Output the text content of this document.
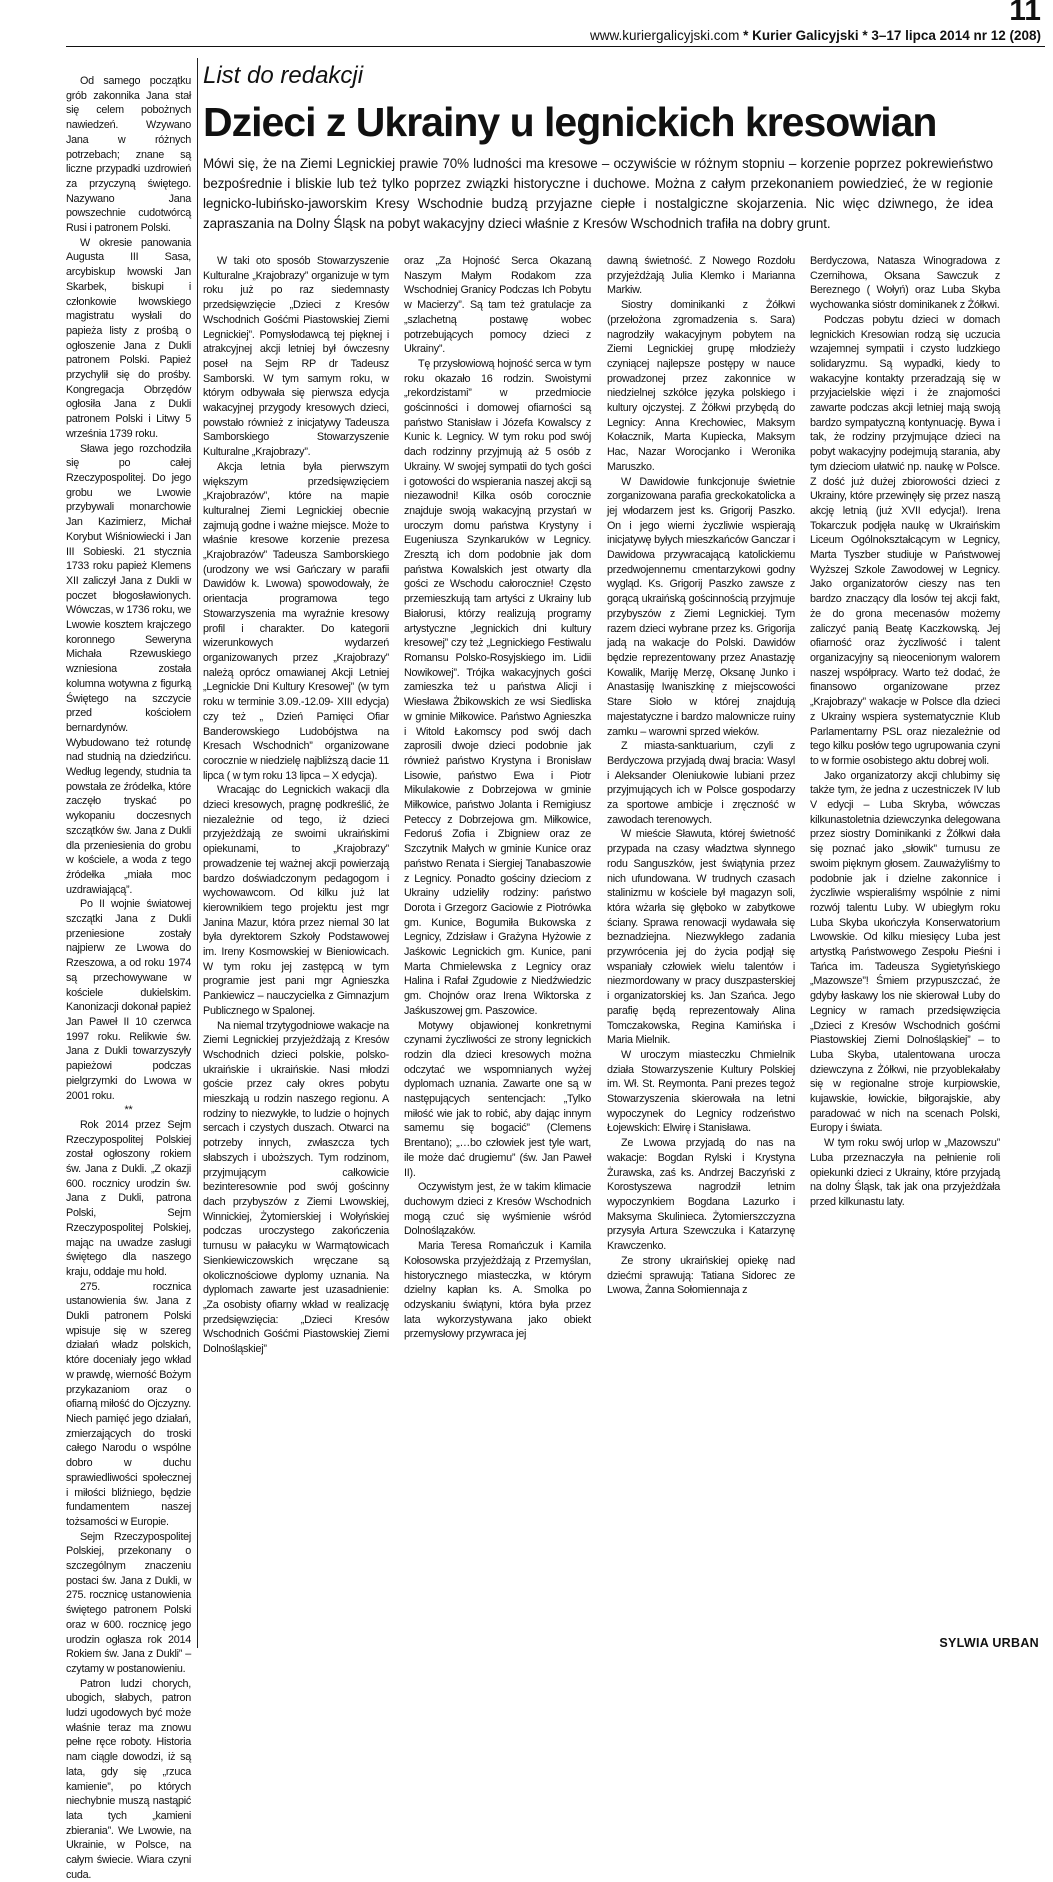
11
www.kuriergalicyjski.com * Kurier Galicyjski * 3–17 lipca 2014 nr 12 (208)

Od samego początku grób zakonnika Jana stał się celem pobożnych nawiedzeń. Wzywano Jana w różnych potrzebach; znane są liczne przypadki uzdrowień za przyczyną świętego. Nazywano Jana powszechnie cudotwórcą Rusi i patronem Polski.

W okresie panowania Augusta III Sasa, arcybiskup lwowski Jan Skarbek, biskupi i członkowie lwowskiego magistratu wysłali do papieża listy z prośbą o ogłoszenie Jana z Dukli patronem Polski. Papież przychylił się do prośby. Kongregacja Obrzędów ogłosiła Jana z Dukli patronem Polski i Litwy 5 września 1739 roku.

Sława jego rozchodziła się po całej Rzeczypospolitej. Do jego grobu we Lwowie przybywali monarchowie Jan Kazimierz, Michał Korybut Wiśniowiecki i Jan III Sobieski. 21 stycznia 1733 roku papież Klemens XII zaliczył Jana z Dukli w poczet błogosławionych. Wówczas, w 1736 roku, we Lwowie kosztem krajczego koronnego Seweryna Michała Rzewuskiego wzniesiona została kolumna wotywna z figurką Świętego na szczycie przed kościołem bernardynów. Wybudowano też rotundę nad studnią na dziedzińcu. Według legendy, studnia ta powstała ze źródełka, które zaczęło tryskać po wykopaniu doczesnych szczątków św. Jana z Dukli dla przeniesienia do grobu w kościele, a woda z tego źródełka „miała moc uzdrawiającą”.

Po II wojnie światowej szczątki Jana z Dukli przeniesione zostały najpierw ze Lwowa do Rzeszowa, a od roku 1974 są przechowywane w kościele dukielskim. Kanonizacji dokonał papież Jan Paweł II 10 czerwca 1997 roku. Relikwie św. Jana z Dukli towarzyszyły papieżowi podczas pielgrzymki do Lwowa w 2001 roku.

**

Rok 2014 przez Sejm Rzeczypospolitej Polskiej został ogłoszony rokiem św. Jana z Dukli. „Z okazji 600. rocznicy urodzin św. Jana z Dukli, patrona Polski, Sejm Rzeczypospolitej Polskiej, mając na uwadze zasługi świętego dla naszego kraju, oddaje mu hołd.

275. rocznica ustanowienia św. Jana z Dukli patronem Polski wpisuje się w szereg działań władz polskich, które doceniały jego wkład w prawdę, wierność Bożym przykazaniom oraz o ofiarną miłość do Ojczyzny. Niech pamięć jego działań, zmierzających do troski całego Narodu o wspólne dobro w duchu sprawiedliwości społecznej i miłości bliźniego, będzie fundamentem naszej tożsamości w Europie.

Sejm Rzeczypospolitej Polskiej, przekonany o szczególnym znaczeniu postaci św. Jana z Dukli, w 275. rocznicę ustanowienia świętego patronem Polski oraz w 600. rocznicę jego urodzin ogłasza rok 2014 Rokiem św. Jana z Dukli” – czytamy w postanowieniu.

Patron ludzi chorych, ubogich, słabych, patron ludzi ugodowych być może właśnie teraz ma znowu pełne ręce roboty. Historia nam ciągle dowodzi, iż są lata, gdy się „rzuca kamienie”, po których niechybnie muszą nastąpić lata tych „kamieni zbierania”. We Lwowie, na Ukrainie, w Polsce, na całym świecie. Wiara czyni cuda.

List do redakcji
Dzieci z Ukrainy u legnickich kresowian
Mówi się, że na Ziemi Legnickiej prawie 70% ludności ma kresowe – oczywiście w różnym stopniu – korzenie poprzez pokrewieństwo bezpośrednie i bliskie lub też tylko poprzez związki historyczne i duchowe. Można z całym przekonaniem powiedzieć, że w regionie legnicko-lubińsko-jaworskim Kresy Wschodnie budzą przyjazne ciepłe i nostalgiczne skojarzenia. Nic więc dziwnego, że idea zapraszania na Dolny Śląsk na pobyt wakacyjny dzieci właśnie z Kresów Wschodnich trafiła na dobry grunt.

W taki oto sposób Stowarzyszenie Kulturalne „Krajobrazy” organizuje w tym roku już po raz siedemnasty przedsięwzięcie „Dzieci z Kresów Wschodnich Gośćmi Piastowskiej Ziemi Legnickiej”. Pomysłodawcą tej pięknej i atrakcyjnej akcji letniej był ówczesny poseł na Sejm RP dr Tadeusz Samborski. W tym samym roku, w którym odbywała się pierwsza edycja wakacyjnej przygody kresowych dzieci, powstało również z inicjatywy Tadeusza Samborskiego Stowarzyszenie Kulturalne „Krajobrazy”.

Akcja letnia była pierwszym większym przedsięwzięciem „Krajobrazów”, które na mapie kulturalnej Ziemi Legnickiej obecnie zajmują godne i ważne miejsce. Może to właśnie kresowe korzenie prezesa „Krajobrazów” Tadeusza Samborskiego (urodzony we wsi Gańczary w parafii Dawidów k. Lwowa) spowodowały, że orientacja programowa tego Stowarzyszenia ma wyraźnie kresowy profil i charakter. Do kategorii wizerunkowych wydarzeń organizowanych przez „Krajobrazy” należą oprócz omawianej Akcji Letniej „Legnickie Dni Kultury Kresowej” (w tym roku w terminie 3.09.-12.09- XIII edycja) czy też „ Dzień Pamięci Ofiar Banderowskiego Ludobójstwa na Kresach Wschodnich” organizowane corocznie w niedzielę najbliższą dacie 11 lipca ( w tym roku 13 lipca – X edycja).

Wracając do Legnickich wakacji dla dzieci kresowych, pragnę podkreślić, że niezależnie od tego, iż dzieci przyjeżdżają ze swoimi ukraińskimi opiekunami, to „Krajobrazy” prowadzenie tej ważnej akcji powierzają bardzo doświadczonym pedagogom i wychowawcom. Od kilku już lat kierownikiem tego projektu jest mgr Janina Mazur, która przez niemal 30 lat była dyrektorem Szkoły Podstawowej im. Ireny Kosmowskiej w Bieniowicach. W tym roku jej zastępcą w tym programie jest pani mgr Agnieszka Pankiewicz – nauczycielka z Gimnazjum Publicznego w Spalonej.

Na niemal trzytygodniowe wakacje na Ziemi Legnickiej przyjeżdżają z Kresów Wschodnich dzieci polskie, polsko-ukraińskie i ukraińskie. Nasi młodzi goście przez cały okres pobytu mieszkają u rodzin naszego regionu. A rodziny to niezwykłe, to ludzie o hojnych sercach i czystych duszach. Otwarci na potrzeby innych, zwłaszcza tych słabszych i uboższych. Tym rodzinom, przyjmującym całkowicie bezinteresownie pod swój gościnny dach przybyszów z Ziemi Lwowskiej, Winnickiej, Żytomierskiej i Wołyńskiej podczas uroczystego zakończenia turnusu w pałacyku w Warmątowicach Sienkiewiczowskich wręczane są okolicznościowe dyplomy uznania. Na dyplomach zawarte jest uzasadnienie: „Za osobisty ofiarny wkład w realizację przedsięwzięcia: „Dzieci Kresów Wschodnich Gośćmi Piastowskiej Ziemi Dolnośląskiej”

oraz „Za Hojność Serca Okazaną Naszym Małym Rodakom zza Wschodniej Granicy Podczas Ich Pobytu w Macierzy”. Są tam też gratulacje za „szlachetną postawę wobec potrzebujących pomocy dzieci z Ukrainy”.

Tę przysłowiową hojność serca w tym roku okazało 16 rodzin. Swoistymi „rekordzistami” w przedmiocie gościnności i domowej ofiarności są państwo Stanisław i Józefa Kowalscy z Kunic k. Legnicy. W tym roku pod swój dach rodzinny przyjmują aż 5 osób z Ukrainy. W swojej sympatii do tych gości i gotowości do wspierania naszej akcji są niezawodni! Kilka osób corocznie znajduje swoją wakacyjną przystań w uroczym domu państwa Krystyny i Eugeniusza Szynkaruków w Legnicy. Zresztą ich dom podobnie jak dom państwa Kowalskich jest otwarty dla gości ze Wschodu całorocznie! Często przemieszkują tam artyści z Ukrainy lub Białorusi, którzy realizują programy artystyczne „legnickich dni kultury kresowej” czy też „Legnickiego Festiwalu Romansu Polsko-Rosyjskiego im. Lidii Nowikowej”. Trójka wakacyjnych gości zamieszka też u państwa Alicji i Wiesława Żbikowskich ze wsi Siedliska w gminie Miłkowice. Państwo Agnieszka i Witold Łakomscy pod swój dach zaprosili dwoje dzieci podobnie jak również państwo Krystyna i Bronisław Lisowie, państwo Ewa i Piotr Mikulakowie z Dobrzejowa w gminie Miłkowice, państwo Jolanta i Remigiusz Peteccy z Dobrzejowa gm. Miłkowice, Fedoruś Zofia i Zbigniew oraz ze Szczytnik Małych w gminie Kunice oraz państwo Renata i Siergiej Tanabaszowie z Legnicy. Ponadto gościny dzieciom z Ukrainy udzieliły rodziny: państwo Dorota i Grzegorz Gaciowie z Piotrówka gm. Kunice, Bogumiła Bukowska z Legnicy, Zdzisław i Grażyna Hyżowie z Jaśkowic Legnickich gm. Kunice, pani Marta Chmielewska z Legnicy oraz Halina i Rafał Zgudowie z Niedźwiedzic gm. Chojnów oraz Irena Wiktorska z Jaśkuszowej gm. Paszowice.

Motywy objawionej konkretnymi czynami życzliwości ze strony legnickich rodzin dla dzieci kresowych można odczytać we wspomnianych wyżej dyplomach uznania. Zawarte one są w następujących sentencjach: „Tylko miłość wie jak to robić, aby dając innym samemu się bogacić” (Clemens Brentano); „…bo człowiek jest tyle wart, ile może dać drugiemu” (św. Jan Paweł II).

Oczywistym jest, że w takim klimacie duchowym dzieci z Kresów Wschodnich mogą czuć się wyśmienie wśród Dolnoślązaków.

Maria Teresa Romańczuk i Kamila Kołosowska przyjeżdżają z Przemyślan, historycznego miasteczka, w którym dzielny kapłan ks. A. Smolka po odzyskaniu świątyni, która była przez lata wykorzystywana jako obiekt przemysłowy przywraca jej

dawną świetność. Z Nowego Rozdołu przyjeżdżają Julia Klemko i Marianna Markiw.

Siostry dominikanki z Żółkwi (przełożona zgromadzenia s. Sara) nagrodziły wakacyjnym pobytem na Ziemi Legnickiej grupę młodzieży czyniącej najlepsze postępy w nauce prowadzonej przez zakonnice w niedzielnej szkółce języka polskiego i kultury ojczystej. Z Żółkwi przybędą do Legnicy: Anna Krechowiec, Maksym Kołacznik, Marta Kupiecka, Maksym Hac, Nazar Worocjanko i Weronika Maruszko.

W Dawidowie funkcjonuje świetnie zorganizowana parafia greckokatolicka a jej włodarzem jest ks. Grigorij Paszko. On i jego wierni życzliwie wspierają inicjatywę byłych mieszkańców Ganczar i Dawidowa przywracającą katolickiemu przedwojennemu cmentarzykowi godny wygląd. Ks. Grigorij Paszko zawsze z gorącą ukraińską gościnnością przyjmuje przybyszów z Ziemi Legnickiej. Tym razem dzieci wybrane przez ks. Grigorija jadą na wakacje do Polski. Dawidów będzie reprezentowany przez Anastazję Kowalik, Mariję Merzę, Oksanę Junko i Anastasiję Iwaniszkinę z miejscowości Stare Sioło w której znajdują majestatyczne i bardzo malownicze ruiny zamku – warowni sprzed wieków.

Z miasta-sanktuarium, czyli z Berdyczowa przyjadą dwaj bracia: Wasyl i Aleksander Oleniukowie lubiani przez przyjmujących ich w Polsce gospodarzy za sportowe ambicje i zręczność w zawodach terenowych.

W mieście Sławuta, której świetność przypada na czasy władztwa słynnego rodu Sanguszków, jest świątynia przez nich ufundowana. W trudnych czasach stalinizmu w kościele był magazyn soli, która wżarła się głęboko w zabytkowe ściany. Sprawa renowacji wydawała się beznadziejna. Niezwykłego zadania przywrócenia jej do życia podjął się wspaniały człowiek wielu talentów i niezmordowany w pracy duszpasterskiej i organizatorskiej ks. Jan Szańca. Jego parafię będą reprezentowały Alina Tomczakowska, Regina Kamińska i Maria Mielnik.

W uroczym miasteczku Chmielnik działa Stowarzyszenie Kultury Polskiej im. Wł. St. Reymonta. Pani prezes tegoż Stowarzyszenia skierowała na letni wypoczynek do Legnicy rodzeństwo Łojewskich: Elwirę i Stanisława.

Ze Lwowa przyjadą do nas na wakacje: Bogdan Rylski i Krystyna Żurawska, zaś ks. Andrzej Baczyński z Korostyszewa nagrodził letnim wypoczynkiem Bogdana Lazurko i Maksyma Skulinieca. Żytomierszczyzna przysyła Artura Szewczuka i Katarzynę Krawczenko.

Ze strony ukraińskiej opiekę nad dziećmi sprawują: Tatiana Sidorec ze Lwowa, Żanna Sołomiennaja z

Berdyczowa, Natasza Winogradowa z Czernihowa, Oksana Sawczuk z Bereznego ( Wołyń) oraz Luba Skyba wychowanka sióstr dominikanek z Żółkwi.

Podczas pobytu dzieci w domach legnickich Kresowian rodzą się uczucia wzajemnej sympatii i czysto ludzkiego solidaryzmu. Są wypadki, kiedy to wakacyjne kontakty przeradzają się w przyjacielskie więzi i że znajomości zawarte podczas akcji letniej mają swoją bardzo sympatyczną kontynuację. Bywa i tak, że rodziny przyjmujące dzieci na pobyt wakacyjny podejmują starania, aby tym dzieciom ułatwić np. naukę w Polsce. Z dość już dużej zbiorowości dzieci z Ukrainy, które przewinęły się przez naszą akcję letnią (już XVII edycja!). Irena Tokarczuk podjęła naukę w Ukraińskim Liceum Ogólnokształcącym w Legnicy, Marta Tyszber studiuje w Państwowej Wyższej Szkole Zawodowej w Legnicy. Jako organizatorów cieszy nas ten bardzo znaczący dla losów tej akcji fakt, że do grona mecenasów możemy zaliczyć panią Beatę Kaczkowską. Jej ofiarność oraz życzliwość i talent organizacyjny są nieocenionym walorem naszej współpracy. Warto też dodać, że finansowo organizowane przez „Krajobrazy” wakacje w Polsce dla dzieci z Ukrainy wspiera systematycznie Klub Parlamentarny PSL oraz niezależnie od tego kilku posłów tego ugrupowania czyni to w formie osobistego aktu dobrej woli.

Jako organizatorzy akcji chlubimy się także tym, że jedna z uczestniczek IV lub V edycji – Luba Skryba, wówczas kilkunastoletnia dziewczynka delegowana przez siostry Dominikanki z Żółkwi dała się poznać jako „słowik” turnusu ze swoim pięknym głosem. Zauważyliśmy to podobnie jak i dzielne zakonnice i życzliwie wspieraliśmy wspólnie z nimi rozwój talentu Luby. W ubiegłym roku Luba Skyba ukończyła Konserwatorium Lwowskie. Od kilku miesięcy Luba jest artystką Państwowego Zespołu Pieśni i Tańca im. Tadeusza Sygietyńskiego „Mazowsze”! Śmiem przypuszczać, że gdyby łaskawy los nie skierował Luby do Legnicy w ramach przedsięwzięcia „Dzieci z Kresów Wschodnich gośćmi Piastowskiej Ziemi Dolnośląskiej” – to Luba Skyba, utalentowana urocza dziewczyna z Żółkwi, nie przyoblekałaby się w regionalne stroje kurpiowskie, kujawskie, łowickie, biłgorajskie, aby paradować w nich na scenach Polski, Europy i świata.

W tym roku swój urlop w „Mazowszu” Luba przeznaczyła na pełnienie roli opiekunki dzieci z Ukrainy, które przyjadą na dolny Śląsk, tak jak ona przyjeżdżała przed kilkunastu laty.

SYLWIA URBAN
